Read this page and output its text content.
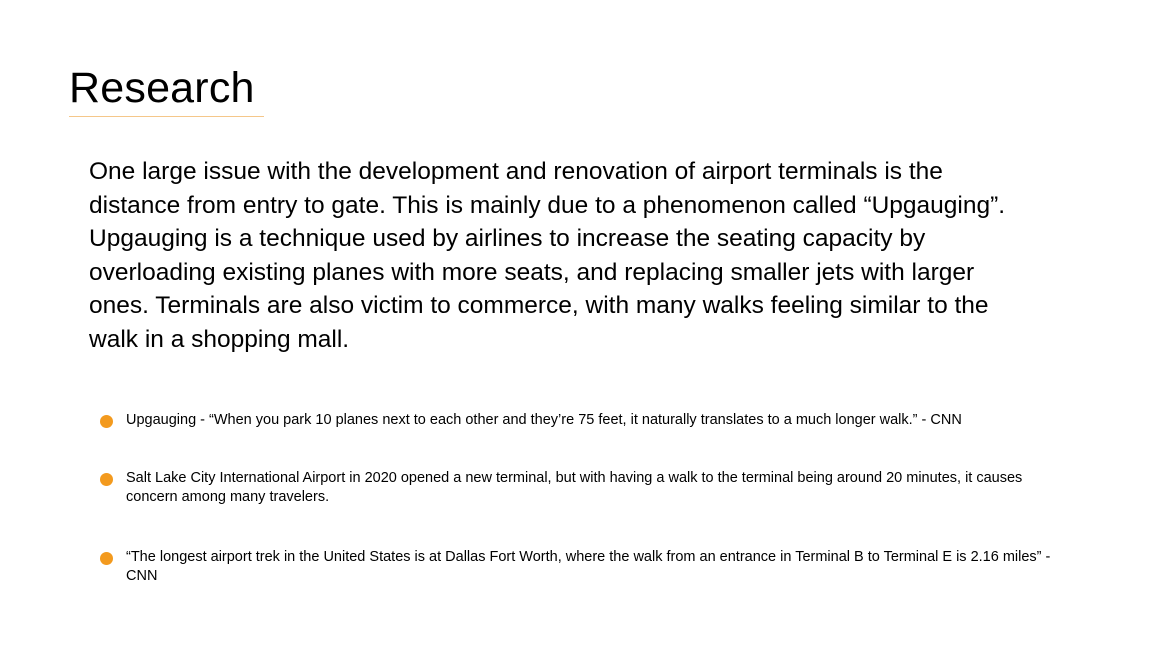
Research

One large issue with the development and renovation of airport terminals is the distance from entry to gate. This is mainly due to a phenomenon called “Upgauging”. Upgauging is a technique used by airlines to increase the seating capacity by overloading existing planes with more seats, and replacing smaller jets with larger ones. Terminals are also victim to commerce, with many walks feeling similar to the walk in a shopping mall.

Upgauging - “When you park 10 planes next to each other and they’re 75 feet, it naturally translates to a much longer walk.” - CNN
Salt Lake City International Airport in 2020 opened a new terminal, but with having a walk to the terminal being around 20 minutes, it causes concern among many travelers.
“The longest airport trek in the United States is at Dallas Fort Worth, where the walk from an entrance in Terminal B to Terminal E is 2.16 miles” - CNN
